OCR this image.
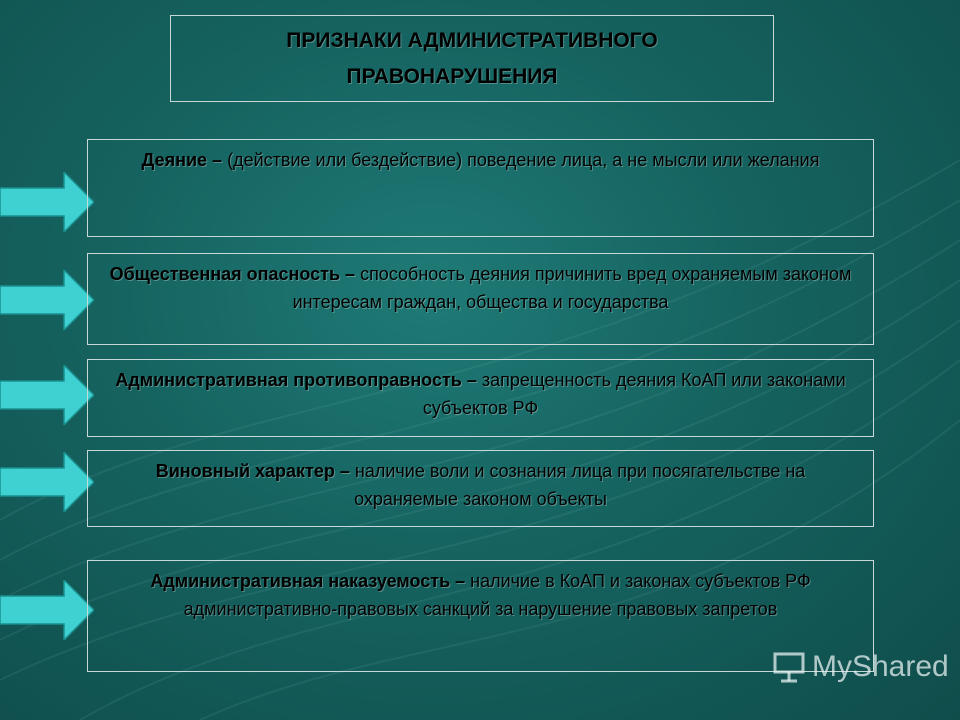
ПРИЗНАКИ АДМИНИСТРАТИВНОГО
ПРАВОНАРУШЕНИЯ
Деяние – (действие или бездействие) поведение лица, а не мысли или желания
Общественная опасность – способность деяния причинить вред охраняемым законом интересам граждан, общества и государства
Административная противоправность – запрещенность деяния КоАП или законами субъектов РФ
Виновный характер – наличие воли и сознания лица при посягательстве на охраняемые законом объекты
Административная наказуемость – наличие в КоАП и законах субъектов РФ административно-правовых санкций за нарушение правовых запретов
MyShared
